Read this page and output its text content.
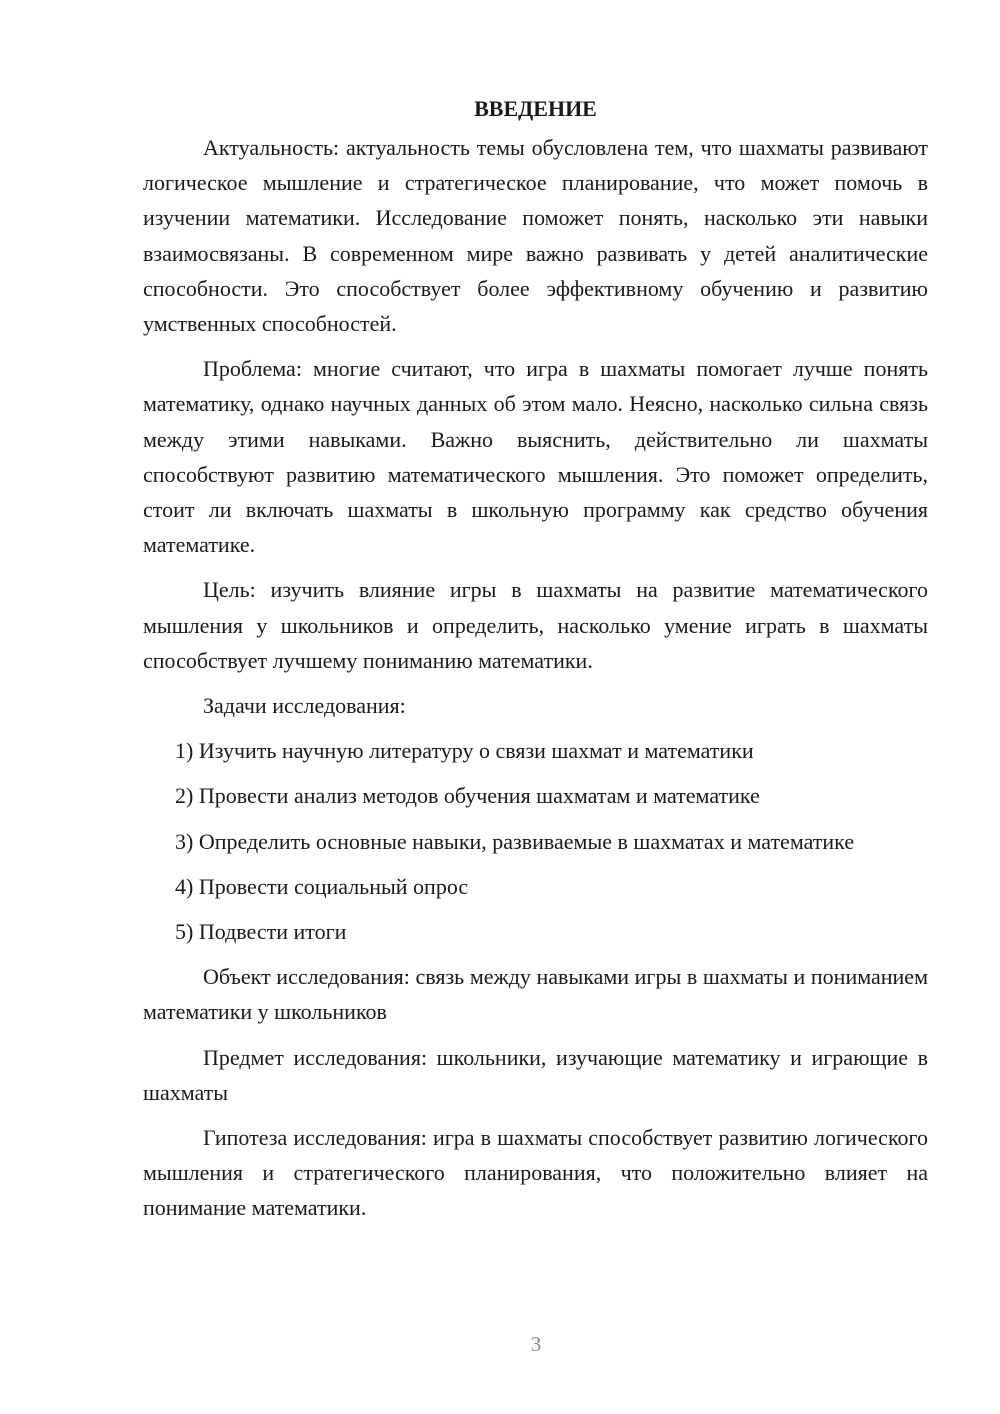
ВВЕДЕНИЕ

Актуальность: актуальность темы обусловлена тем, что шахматы развивают логическое мышление и стратегическое планирование, что может помочь в изучении математики. Исследование поможет понять, насколько эти навыки взаимосвязаны. В современном мире важно развивать у детей аналитические способности. Это способствует более эффективному обучению и развитию умственных способностей.

Проблема: многие считают, что игра в шахматы помогает лучше понять математику, однако научных данных об этом мало. Неясно, насколько сильна связь между этими навыками. Важно выяснить, действительно ли шахматы способствуют развитию математического мышления. Это поможет определить, стоит ли включать шахматы в школьную программу как средство обучения математике.

Цель: изучить влияние игры в шахматы на развитие математического мышления у школьников и определить, насколько умение играть в шахматы способствует лучшему пониманию математики.

Задачи исследования:

1) Изучить научную литературу о связи шахмат и математики

2) Провести анализ методов обучения шахматам и математике

3) Определить основные навыки, развиваемые в шахматах и математике

4) Провести социальный опрос

5) Подвести итоги

Объект исследования: связь между навыками игры в шахматы и пониманием математики у школьников

Предмет исследования: школьники, изучающие математику и играющие в шахматы

Гипотеза исследования: игра в шахматы способствует развитию логического мышления и стратегического планирования, что положительно влияет на понимание математики.

3
